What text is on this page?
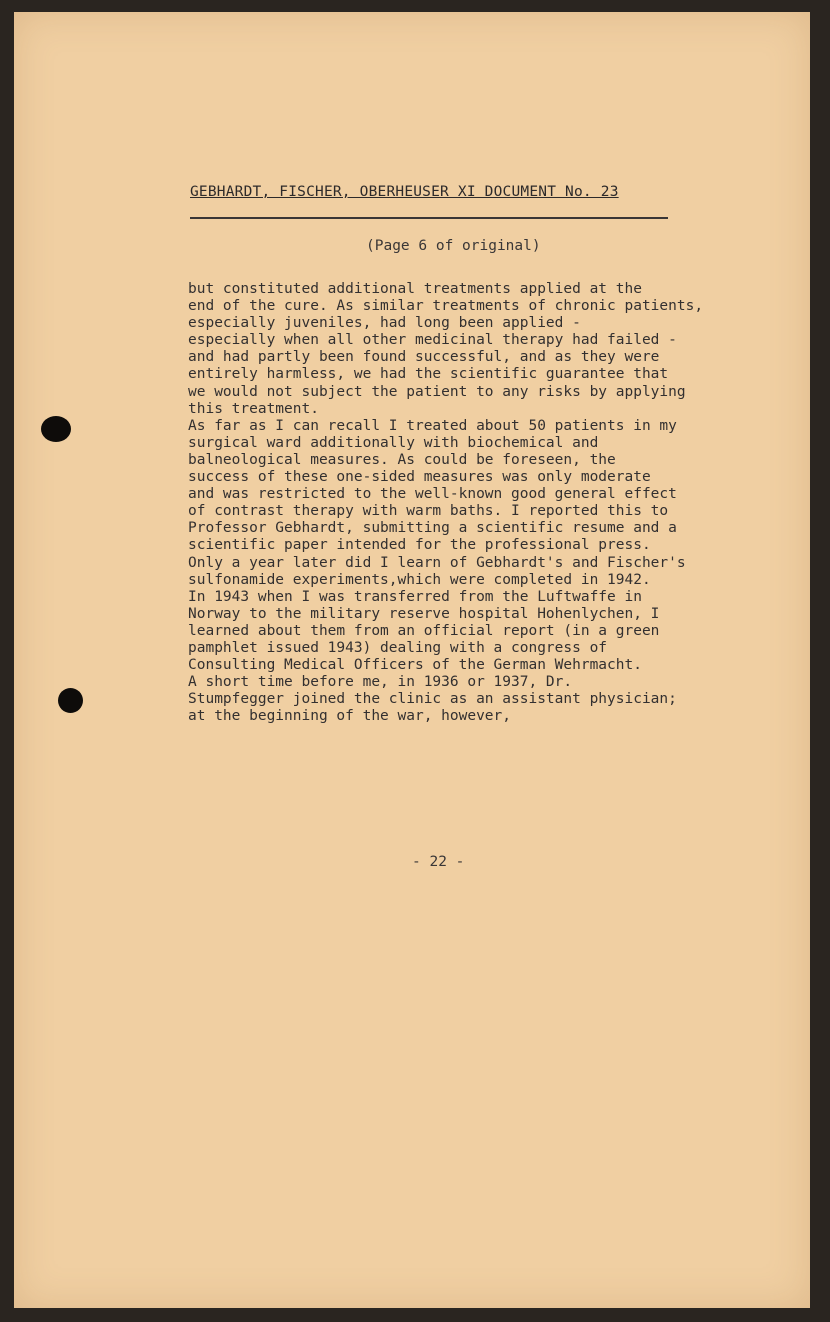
GEBHARDT, FISCHER, OBERHEUSER XI DOCUMENT No. 23
(Page 6 of original)
but constituted additional treatments applied at the
end of the cure. As similar treatments of chronic patients,
especially juveniles, had long been applied -
especially when all other medicinal therapy had failed -
and had partly been found successful, and as they were
entirely harmless, we had the scientific guarantee that
we would not subject the patient to any risks by applying
this treatment.
As far as I can recall I treated about 50 patients in my
surgical ward additionally with biochemical and
balneological measures. As could be foreseen, the
success of these one-sided measures was only moderate
and was restricted to the well-known good general effect
of contrast therapy with warm baths. I reported this to
Professor Gebhardt, submitting a scientific resume and a
scientific paper intended for the professional press.
Only a year later did I learn of Gebhardt's and Fischer's
sulfonamide experiments,which were completed in 1942.
In 1943 when I was transferred from the Luftwaffe in
Norway to the military reserve hospital Hohenlychen, I
learned about them from an official report (in a green
pamphlet issued 1943) dealing with a congress of
Consulting Medical Officers of the German Wehrmacht.
A short time before me, in 1936 or 1937, Dr.
Stumpfegger joined the clinic as an assistant physician;
at the beginning of the war, however,
- 22 -
